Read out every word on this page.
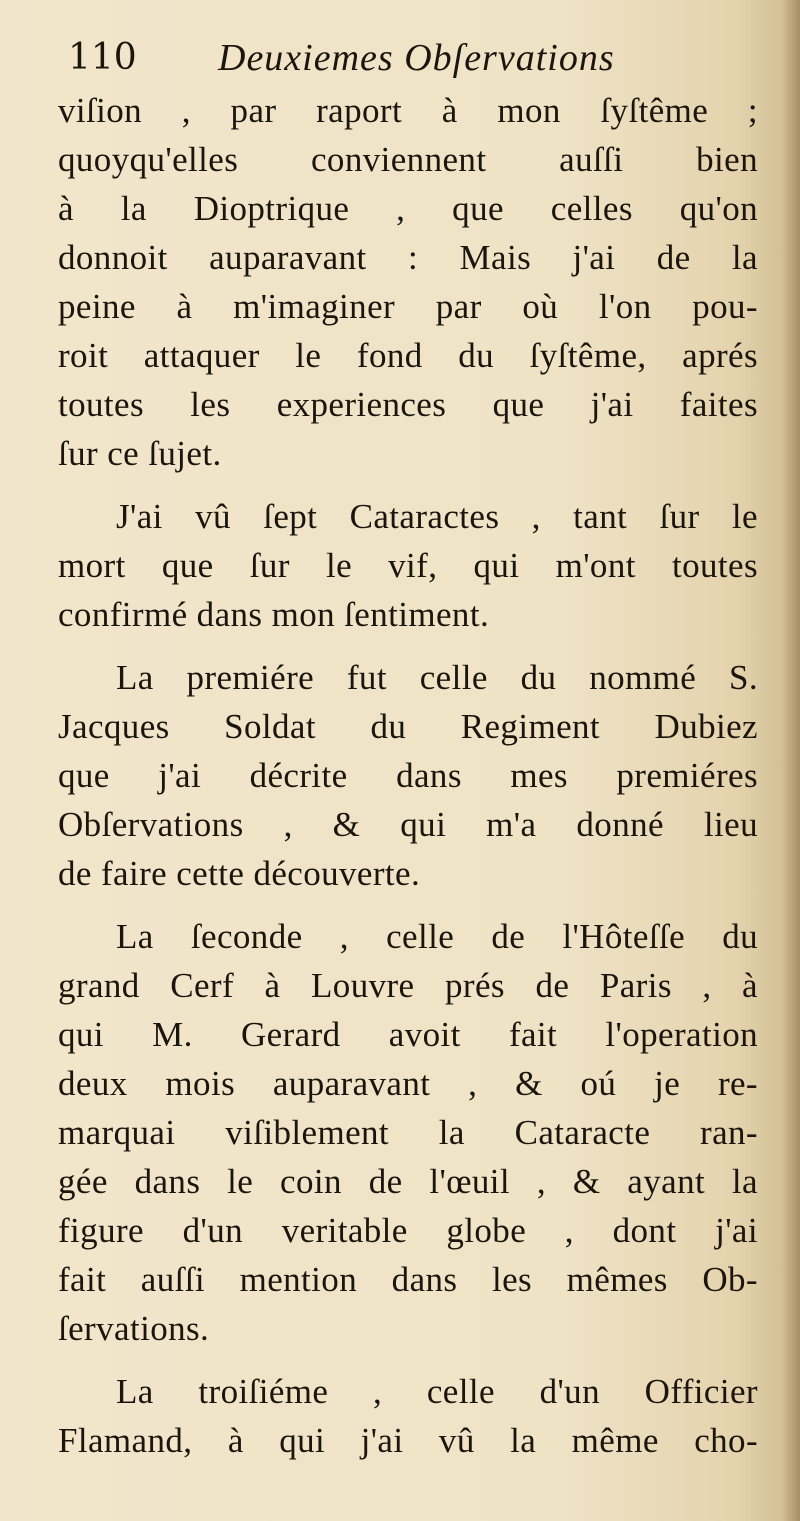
110 Deuxiemes Obſervations
viſion , par raport à mon ſyſtême ;
quoyqu'elles conviennent auſſi bien
à la Dioptrique , que celles qu'on
donnoit auparavant : Mais j'ai de la
peine à m'imaginer par où l'on pou-
roit attaquer le fond du ſyſtême, aprés
toutes les experiences que j'ai faites
ſur ce ſujet.
J'ai vû ſept Cataractes , tant ſur le
mort que ſur le vif, qui m'ont toutes
confirmé dans mon ſentiment.
La premiére fut celle du nommé S.
Jacques Soldat du Regiment Dubiez
que j'ai décrite dans mes premiéres
Obſervations , & qui m'a donné lieu
de faire cette découverte.
La ſeconde , celle de l'Hôteſſe du
grand Cerf à Louvre prés de Paris , à
qui M. Gerard avoit fait l'operation
deux mois auparavant , & oú je re-
marquai viſiblement la Cataracte ran-
gée dans le coin de l'œuil , & ayant la
figure d'un veritable globe , dont j'ai
fait auſſi mention dans les mêmes Ob-
ſervations.
La troiſiéme , celle d'un Officier
Flamand, à qui j'ai vû la même cho-
